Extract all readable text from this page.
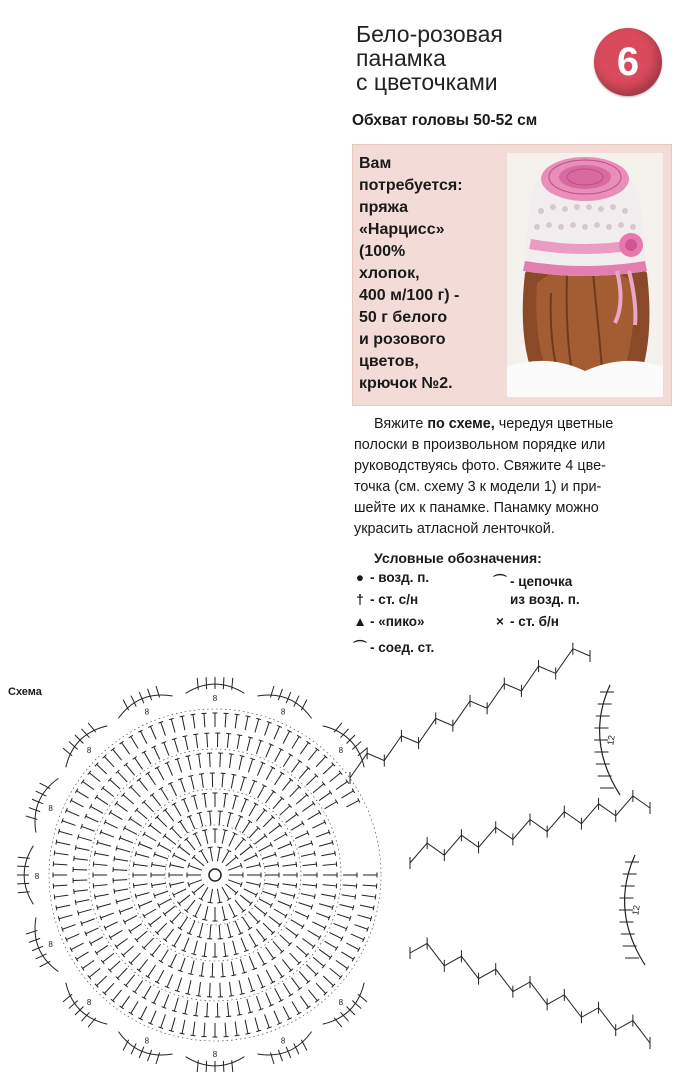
Бело-розовая
панамка
с цветочками	6
Обхват головы 50-52 см
Вам
потребуется:
пряжа
«Нарцисс»
(100%
хлопок,
400 м/100 г) -
50 г белого
и розового
цветов,
крючок №2.
Вяжите по схеме, чередуя цветные
полоски в произвольном порядке или
руководствуясь фото. Свяжите 4 цве-
точка (см. схему 3 к модели 1) и при-
шейте их к панамке. Панамку можно
украсить атласной ленточкой.
Условные обозначения:
● - возд. п.
† - ст. с/н
▲ - «пико»
⌒ - соед. ст.
⌒ - цепочка
из возд. п.
× - ст. б/н
Схема
8
8
8
8
8
8
8
8
8
8
8
8
8
12
12
